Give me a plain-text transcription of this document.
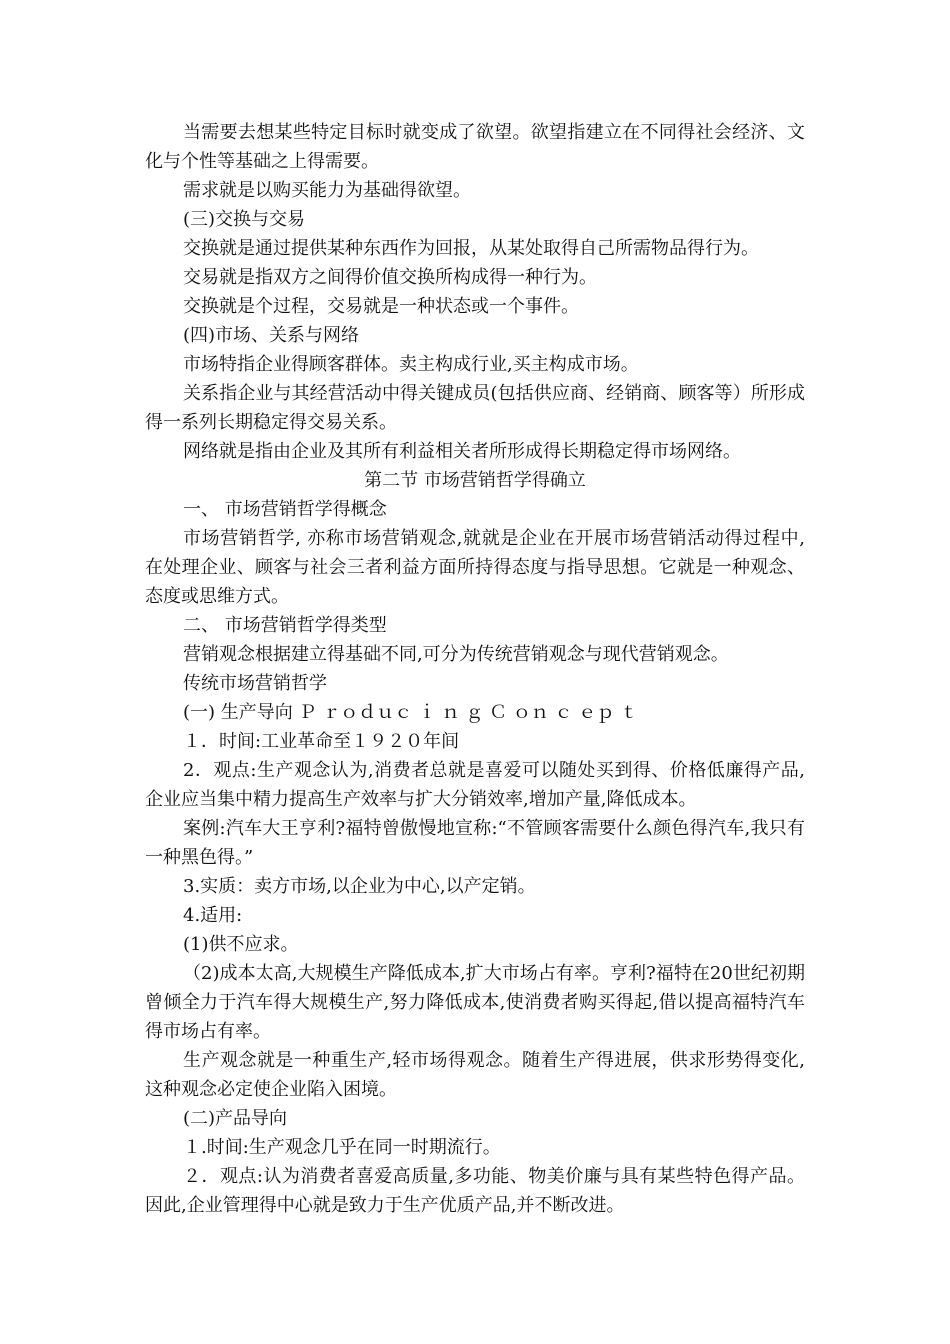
当需要去想某些特定目标时就变成了欲望。欲望指建立在不同得社会经济、文化与个性等基础之上得需要。

需求就是以购买能力为基础得欲望。

(三)交换与交易

交换就是通过提供某种东西作为回报，从某处取得自己所需物品得行为。

交易就是指双方之间得价值交换所构成得一种行为。

交换就是个过程，交易就是一种状态或一个事件。

(四)市场、关系与网络

市场特指企业得顾客群体。卖主构成行业,买主构成市场。

关系指企业与其经营活动中得关键成员(包括供应商、经销商、顾客等）所形成得一系列长期稳定得交易关系。

网络就是指由企业及其所有利益相关者所形成得长期稳定得市场网络。

第二节 市场营销哲学得确立

一、 市场营销哲学得概念

市场营销哲学, 亦称市场营销观念,就就是企业在开展市场营销活动得过程中, 在处理企业、顾客与社会三者利益方面所持得态度与指导思想。它就是一种观念、态度或思维方式。

二、 市场营销哲学得类型

营销观念根据建立得基础不同,可分为传统营销观念与现代营销观念。

传统市场营销哲学

(一) 生产导向 Ｐ ｒｏｄｕｃ ｉ ｎ ｇ Ｃ ｏｎ ｃ ｅｐ ｔ

１．时间:工业革命至１９２０年间

2．观点:生产观念认为,消费者总就是喜爱可以随处买到得、价格低廉得产品,企业应当集中精力提高生产效率与扩大分销效率,增加产量,降低成本。

案例:汽车大王亨利?福特曾傲慢地宣称:“不管顾客需要什么颜色得汽车,我只有一种黑色得。”

3.实质：卖方市场,以企业为中心,以产定销。

4.适用:

(1)供不应求。

（2)成本太高,大规模生产降低成本,扩大市场占有率。亨利?福特在20世纪初期曾倾全力于汽车得大规模生产,努力降低成本,使消费者购买得起,借以提高福特汽车得市场占有率。

生产观念就是一种重生产,轻市场得观念。随着生产得进展，供求形势得变化,这种观念必定使企业陷入困境。

(二)产品导向

１.时间:生产观念几乎在同一时期流行。

２．观点:认为消费者喜爱高质量,多功能、物美价廉与具有某些特色得产品。因此,企业管理得中心就是致力于生产优质产品,并不断改进。
